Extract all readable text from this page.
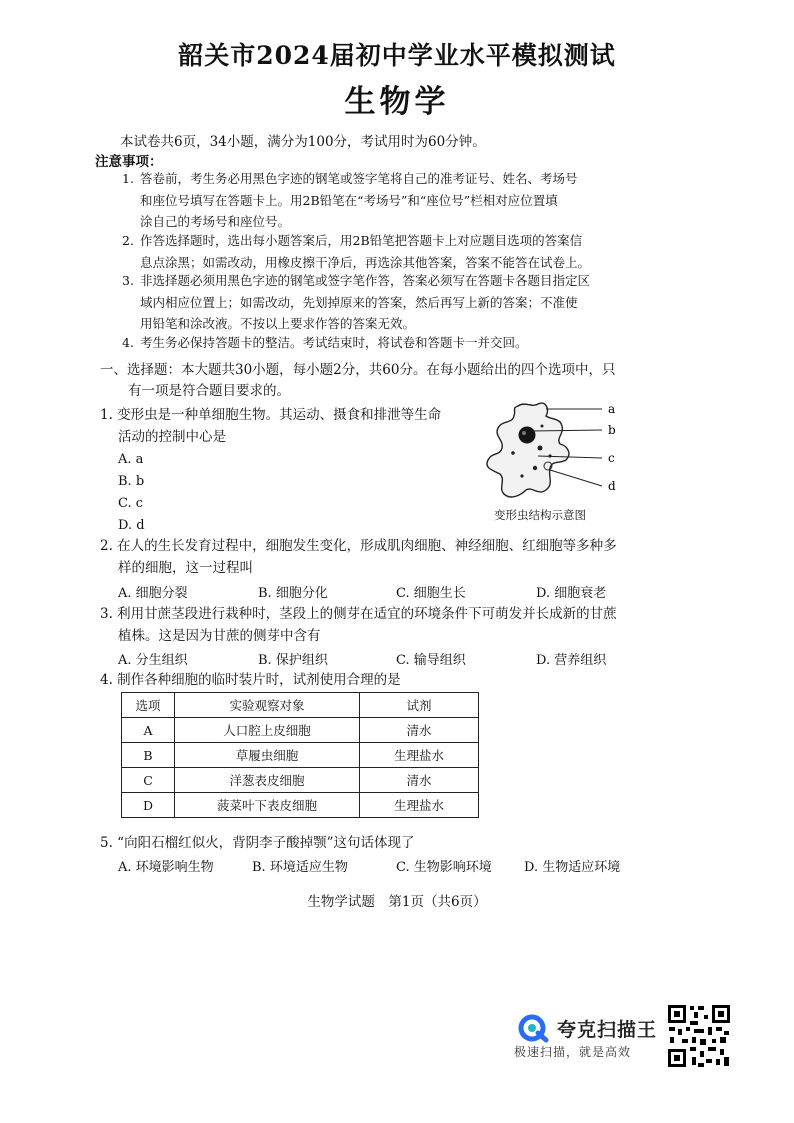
韶关市2024届初中学业水平模拟测试
生物学
本试卷共6页，34小题，满分为100分，考试用时为60分钟。
注意事项：
1. 答卷前，考生务必用黑色字迹的钢笔或签字笔将自己的准考证号、姓名、考场号
和座位号填写在答题卡上。用2B铅笔在“考场号”和“座位号”栏相对应位置填
涂自己的考场号和座位号。
2. 作答选择题时，选出每小题答案后，用2B铅笔把答题卡上对应题目选项的答案信
息点涂黑；如需改动，用橡皮擦干净后，再选涂其他答案，答案不能答在试卷上。
3. 非选择题必须用黑色字迹的钢笔或签字笔作答，答案必须写在答题卡各题目指定区
域内相应位置上；如需改动，先划掉原来的答案，然后再写上新的答案；不准使
用铅笔和涂改液。不按以上要求作答的答案无效。
4. 考生务必保持答题卡的整洁。考试结束时，将试卷和答题卡一并交回。
一、选择题：本大题共30小题，每小题2分，共60分。在每小题给出的四个选项中，只
有一项是符合题目要求的。
1. 变形虫是一种单细胞生物。其运动、摄食和排泄等生命
活动的控制中心是
A. a
B. b
C. c
D. d
a
b
c
d
变形虫结构示意图
2. 在人的生长发育过程中，细胞发生变化，形成肌肉细胞、神经细胞、红细胞等多种多
样的细胞，这一过程叫
A. 细胞分裂	B. 细胞分化	C. 细胞生长	D. 细胞衰老
3. 利用甘蔗茎段进行栽种时，茎段上的侧芽在适宜的环境条件下可萌发并长成新的甘蔗
植株。这是因为甘蔗的侧芽中含有
A. 分生组织	B. 保护组织	C. 输导组织	D. 营养组织
4. 制作各种细胞的临时装片时，试剂使用合理的是
选项	实验观察对象	试剂
A	人口腔上皮细胞	清水
B	草履虫细胞	生理盐水
C	洋葱表皮细胞	清水
D	菠菜叶下表皮细胞	生理盐水
5. “向阳石榴红似火，背阴李子酸掉颚”这句话体现了
A. 环境影响生物	B. 环境适应生物	C. 生物影响环境 D. 生物适应环境
生物学试题　第1页（共6页）
夸克扫描王
极速扫描，就是高效
